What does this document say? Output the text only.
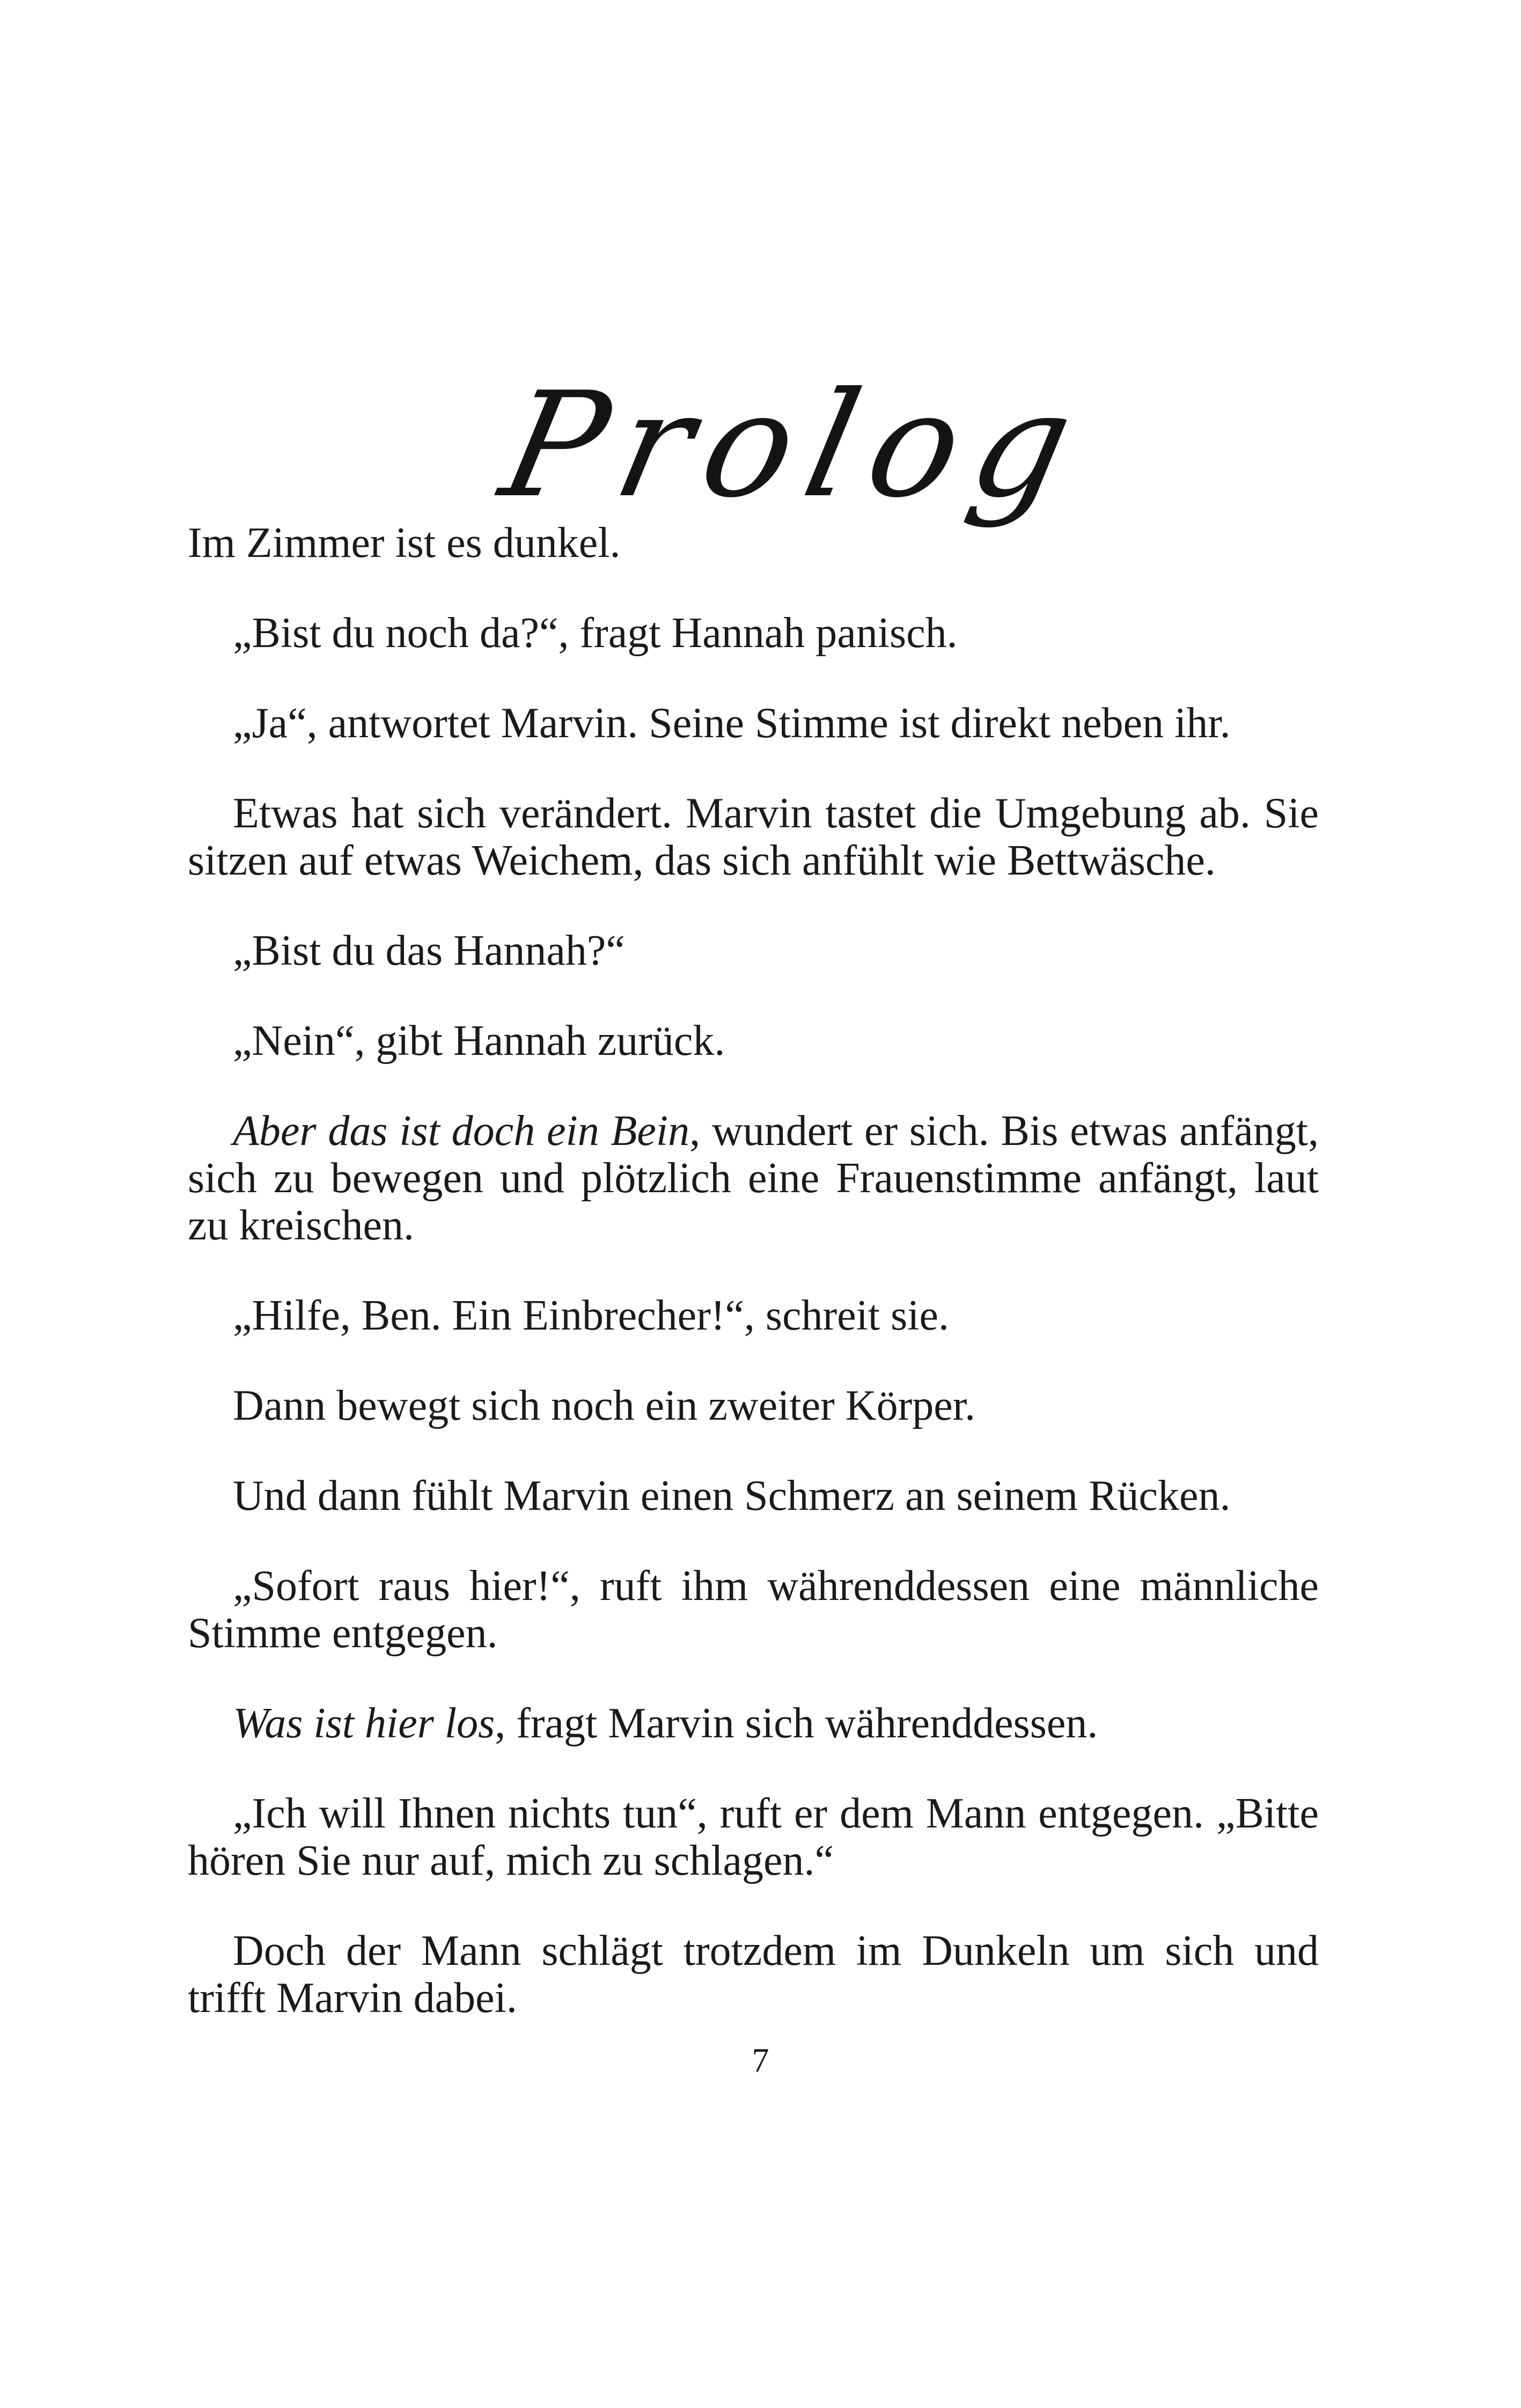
Prolog

Im Zimmer ist es dunkel.

„Bist du noch da?“, fragt Hannah panisch.

„Ja“, antwortet Marvin. Seine Stimme ist direkt neben ihr.

Etwas hat sich verändert. Marvin tastet die Umgebung ab. Sie sitzen auf etwas Weichem, das sich anfühlt wie Bettwäsche.

„Bist du das Hannah?“

„Nein“, gibt Hannah zurück.

Aber das ist doch ein Bein, wundert er sich. Bis etwas anfängt, sich zu bewegen und plötzlich eine Frauenstimme anfängt, laut zu kreischen.

„Hilfe, Ben. Ein Einbrecher!“, schreit sie.

Dann bewegt sich noch ein zweiter Körper.

Und dann fühlt Marvin einen Schmerz an seinem Rücken.

„Sofort raus hier!“, ruft ihm währenddessen eine männliche Stimme entgegen.

Was ist hier los, fragt Marvin sich währenddessen.

„Ich will Ihnen nichts tun“, ruft er dem Mann entgegen. „Bitte hören Sie nur auf, mich zu schlagen.“

Doch der Mann schlägt trotzdem im Dunkeln um sich und trifft Marvin dabei.

7
